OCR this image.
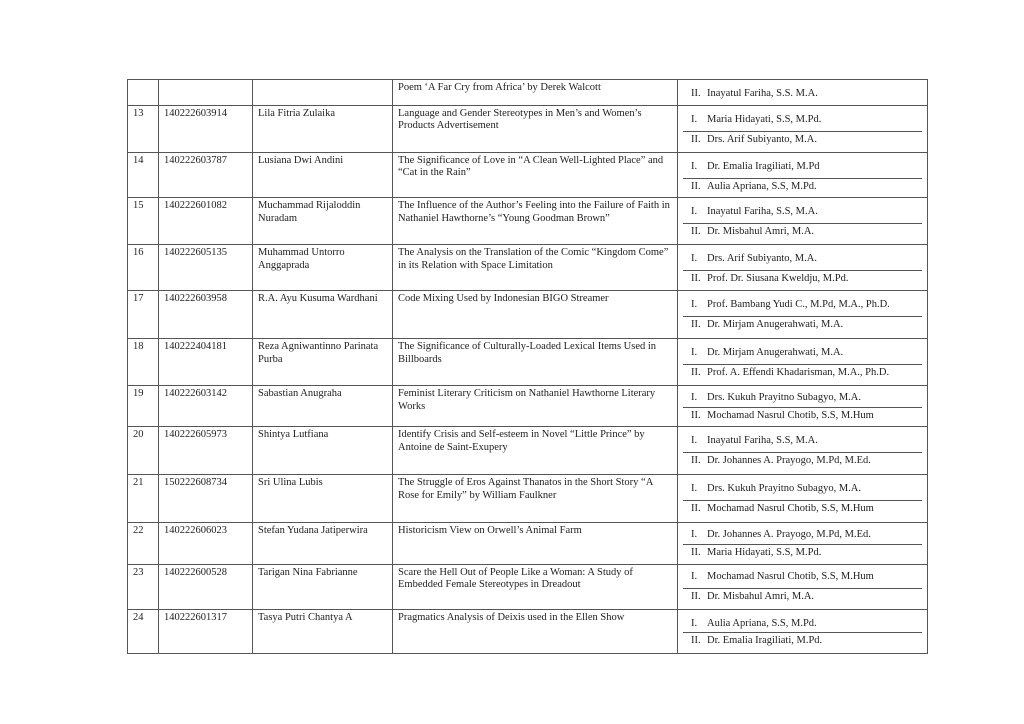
			Poem ‘A Far Cry from Africa’ by Derek Walcott	II. Inayatul Fariha, S.S. M.A.

13	140222603914	Lila Fitria Zulaika	Language and Gender Stereotypes in Men’s and Women’s Products Advertisement	I. Maria Hidayati, S.S, M.Pd.
II. Drs. Arif Subiyanto, M.A.

14	140222603787	Lusiana Dwi Andini	The Significance of Love in “A Clean Well-Lighted Place” and “Cat in the Rain”	I. Dr. Emalia Iragiliati, M.Pd
II. Aulia Apriana, S.S, M.Pd.

15	140222601082	Muchammad Rijaloddin Nuradam	The Influence of the Author’s Feeling into the Failure of Faith in Nathaniel Hawthorne’s “Young Goodman Brown”	I. Inayatul Fariha, S.S, M.A.
II. Dr. Misbahul Amri, M.A.

16	140222605135	Muhammad Untorro Anggaprada	The Analysis on the Translation of the Comic “Kingdom Come” in its Relation with Space Limitation	I. Drs. Arif Subiyanto, M.A.
II. Prof. Dr. Siusana Kweldju, M.Pd.

17	140222603958	R.A. Ayu Kusuma Wardhani	Code Mixing Used by Indonesian BIGO Streamer	I. Prof. Bambang Yudi C., M.Pd, M.A., Ph.D.
II. Dr. Mirjam Anugerahwati, M.A.

18	140222404181	Reza Agniwantinno Parinata Purba	The Significance of Culturally-Loaded Lexical Items Used in Billboards	I. Dr. Mirjam Anugerahwati, M.A.
II. Prof. A. Effendi Khadarisman, M.A., Ph.D.

19	140222603142	Sabastian Anugraha	Feminist Literary Criticism on Nathaniel Hawthorne Literary Works	I. Drs. Kukuh Prayitno Subagyo, M.A.
II. Mochamad Nasrul Chotib, S.S, M.Hum

20	140222605973	Shintya Lutfiana	Identify Crisis and Self-esteem in Novel “Little Prince” by Antoine de Saint-Exupery	I. Inayatul Fariha, S.S, M.A.
II. Dr. Johannes A. Prayogo, M.Pd, M.Ed.

21	150222608734	Sri Ulina Lubis	The Struggle of Eros Against Thanatos in the Short Story “A Rose for Emily” by William Faulkner	I. Drs. Kukuh Prayitno Subagyo, M.A.
II. Mochamad Nasrul Chotib, S.S, M.Hum

22	140222606023	Stefan Yudana Jatiperwira	Historicism View on Orwell’s Animal Farm	I. Dr. Johannes A. Prayogo, M.Pd, M.Ed.
II. Maria Hidayati, S.S, M.Pd.

23	140222600528	Tarigan Nina Fabrianne	Scare the Hell Out of People Like a Woman: A Study of Embedded Female Stereotypes in Dreadout	I. Mochamad Nasrul Chotib, S.S, M.Hum
II. Dr. Misbahul Amri, M.A.

24	140222601317	Tasya Putri Chantya A	Pragmatics Analysis of Deixis used in the Ellen Show	I. Aulia Apriana, S.S, M.Pd.
II. Dr. Emalia Iragiliati, M.Pd.
